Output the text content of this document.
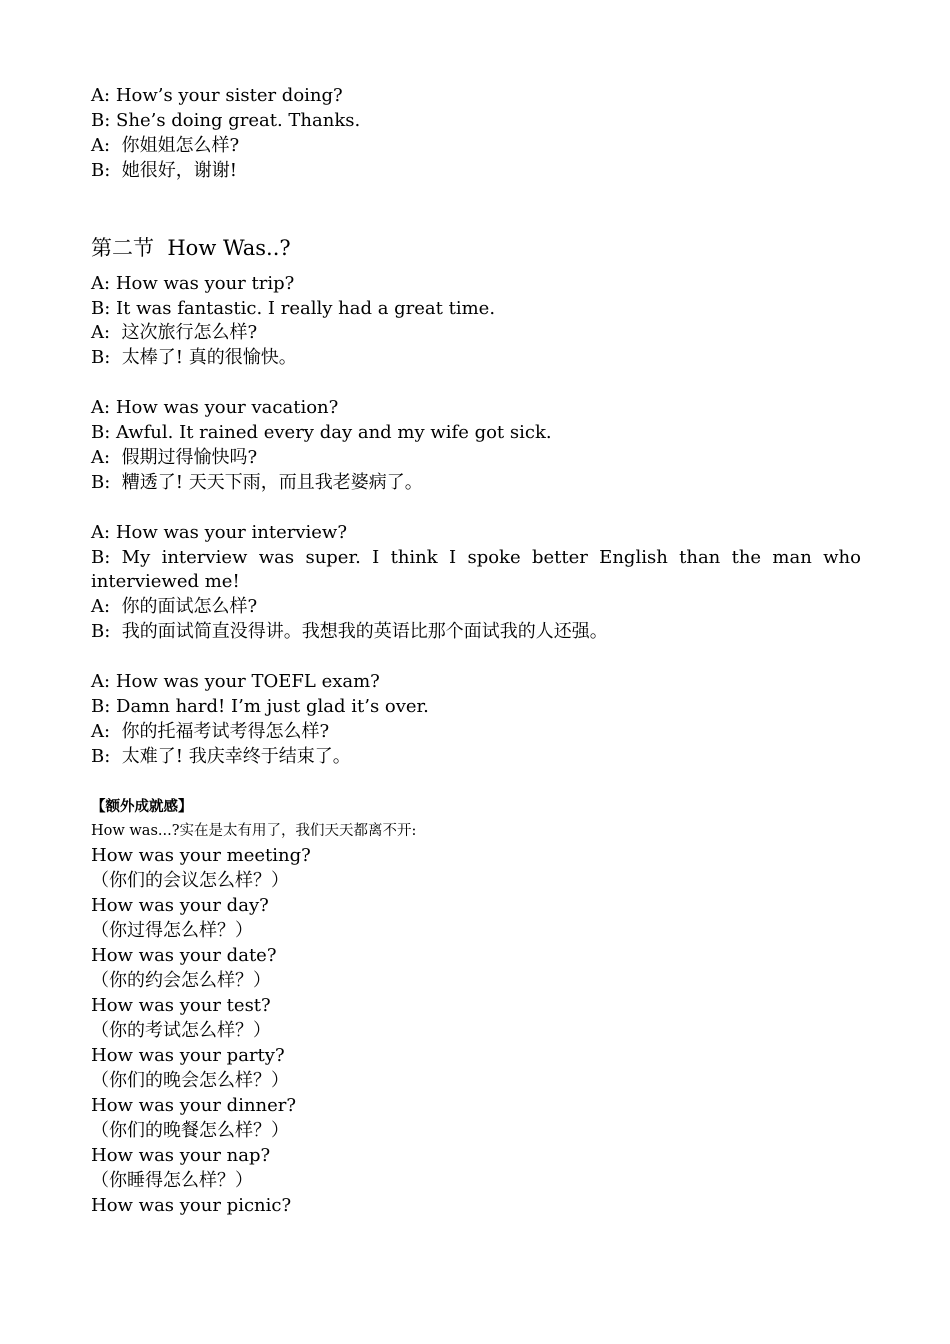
A: How’s your sister doing?
B: She’s doing great. Thanks.
A: 你姐姐怎么样?
B: 她很好，谢谢!
第二节 How Was..?
A: How was your trip?
B: It was fantastic. I really had a great time.
A: 这次旅行怎么样?
B: 太棒了! 真的很愉快。
A: How was your vacation?
B: Awful. It rained every day and my wife got sick.
A: 假期过得愉快吗?
B: 糟透了! 天天下雨，而且我老婆病了。
A: How was your interview?
B: My interview was super. I think I spoke better English than the man who interviewed me!
A: 你的面试怎么样?
B: 我的面试简直没得讲。我想我的英语比那个面试我的人还强。
A: How was your TOEFL exam?
B: Damn hard! I’m just glad it’s over.
A: 你的托福考试考得怎么样?
B: 太难了! 我庆幸终于结束了。
【额外成就感】
How was...?实在是太有用了，我们天天都离不开:
How was your meeting?
（你们的会议怎么样？）
How was your day?
（你过得怎么样？）
How was your date?
（你的约会怎么样？）
How was your test?
（你的考试怎么样？）
How was your party?
（你们的晚会怎么样？）
How was your dinner?
（你们的晚餐怎么样？）
How was your nap?
（你睡得怎么样？）
How was your picnic?
